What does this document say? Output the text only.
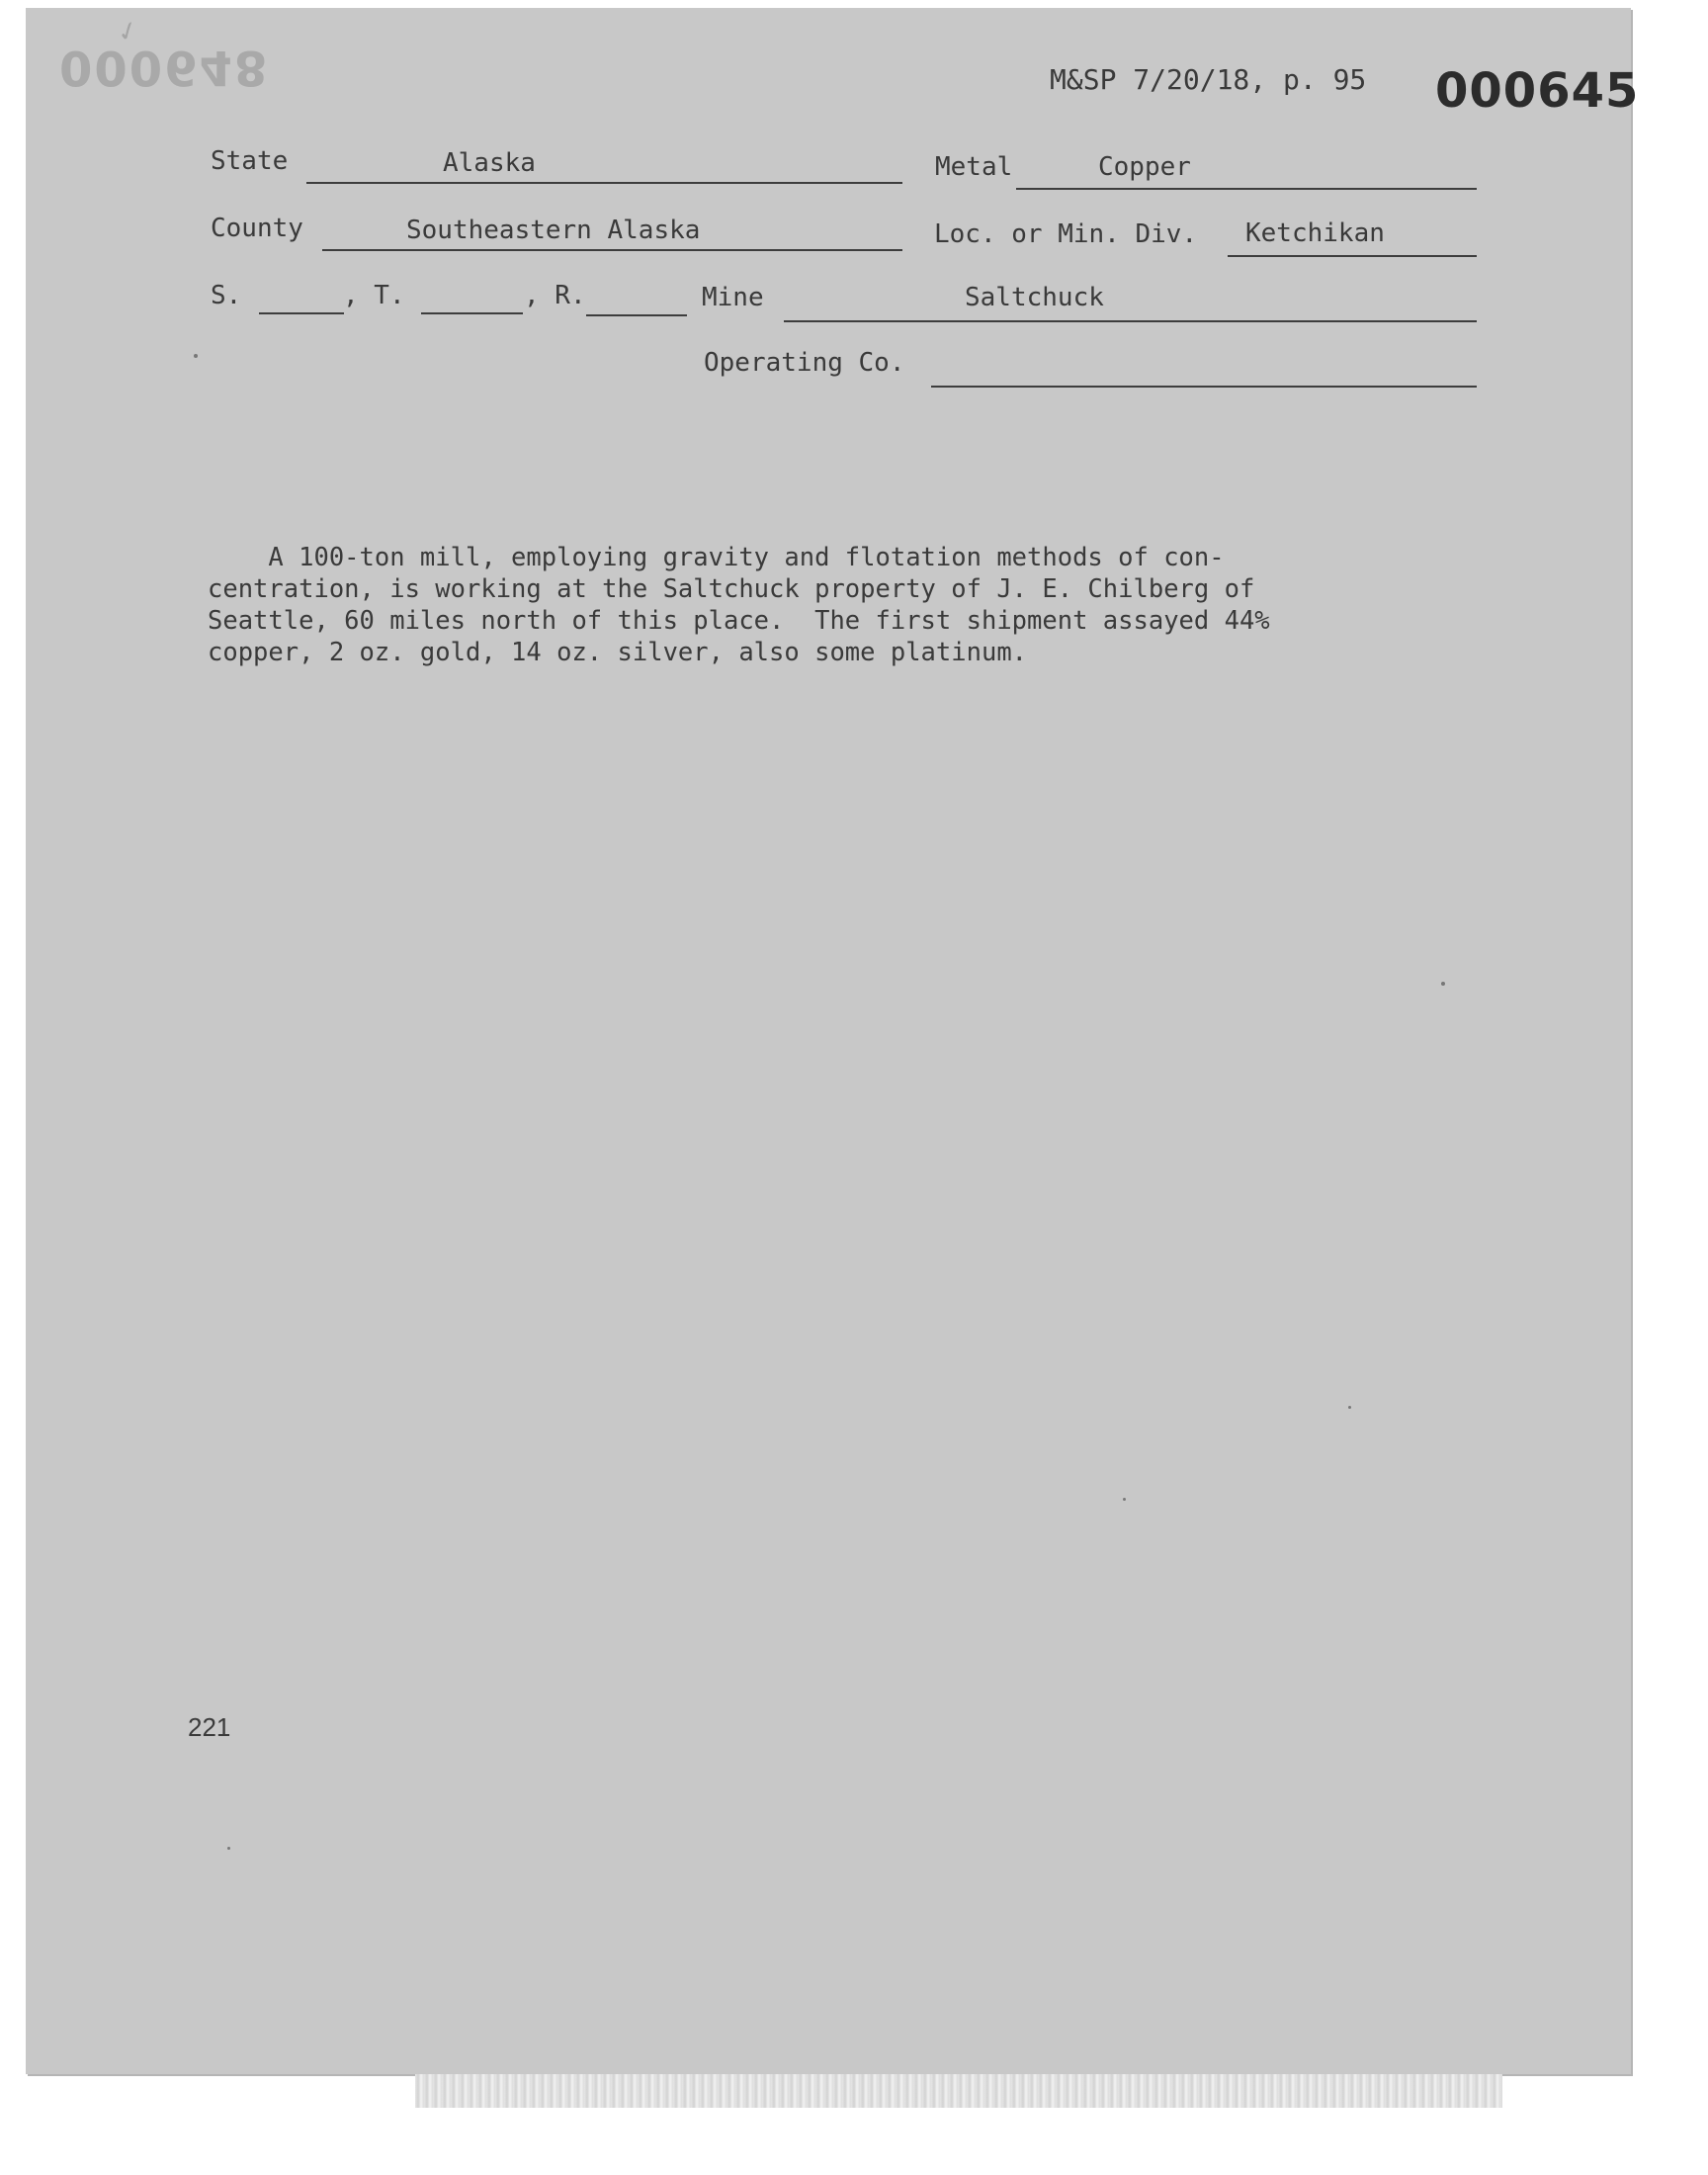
✓
000648	000645
M&SP 7/20/18, p. 95
State	Alaska	Metal	Copper
County	Southeastern Alaska	Loc. or Min. Div. Ketchikan
S.	, T.	, R.	Mine	Saltchuck
Operating Co.
A 100-ton mill, employing gravity and flotation methods of con-
centration, is working at the Saltchuck property of J. E. Chilberg of
Seattle, 60 miles north of this place.  The first shipment assayed 44%
copper, 2 oz. gold, 14 oz. silver, also some platinum.
221
